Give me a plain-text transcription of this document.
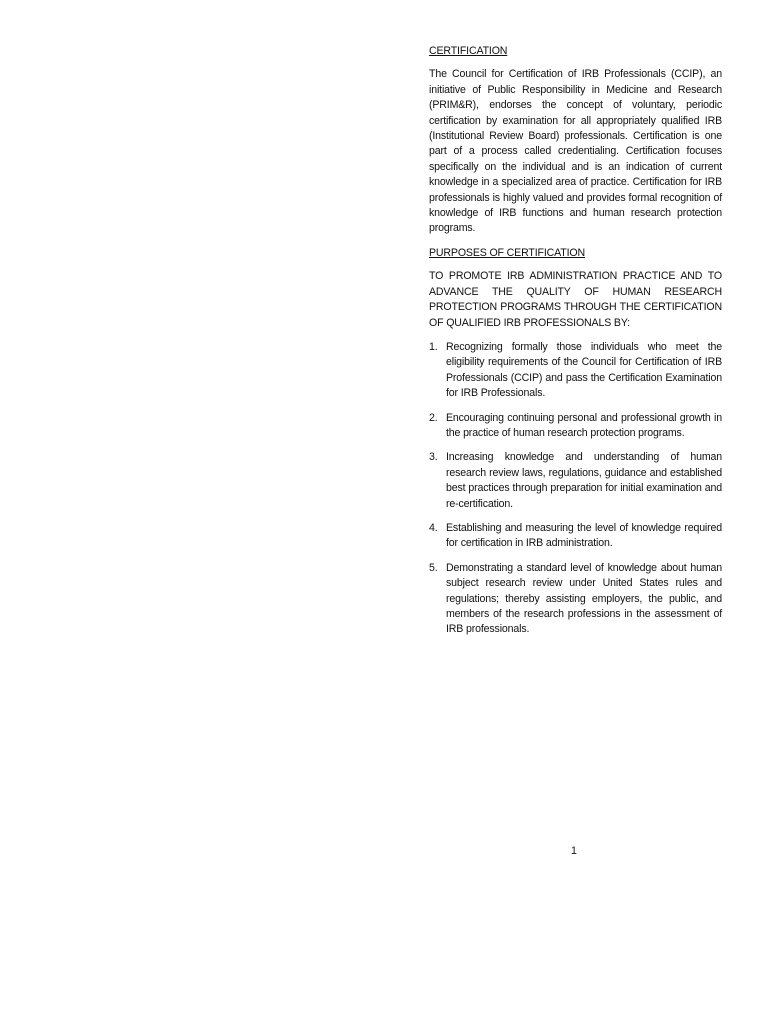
CERTIFICATION

The Council for Certification of IRB Professionals (CCIP), an initiative of Public Responsibility in Medicine and Research (PRIM&R), endorses the concept of voluntary, periodic certification by examination for all appropriately qualified IRB (Institutional Review Board) professionals. Certification is one part of a process called credentialing. Certification focuses specifically on the individual and is an indication of current knowledge in a specialized area of practice. Certification for IRB professionals is highly valued and provides formal recognition of knowledge of IRB functions and human research protection programs.

PURPOSES OF CERTIFICATION

TO PROMOTE IRB ADMINISTRATION PRACTICE AND TO ADVANCE THE QUALITY OF HUMAN RESEARCH PROTECTION PROGRAMS THROUGH THE CERTIFICATION OF QUALIFIED IRB PROFESSIONALS BY:

1. Recognizing formally those individuals who meet the eligibility requirements of the Council for Certification of IRB Professionals (CCIP) and pass the Certification Examination for IRB Professionals.
2. Encouraging continuing personal and professional growth in the practice of human research protection programs.
3. Increasing knowledge and understanding of human research review laws, regulations, guidance and established best practices through preparation for initial examination and re-certification.
4. Establishing and measuring the level of knowledge required for certification in IRB administration.
5. Demonstrating a standard level of knowledge about human subject research review under United States rules and regulations; thereby assisting employers, the public, and members of the research professions in the assessment of IRB professionals.
1
